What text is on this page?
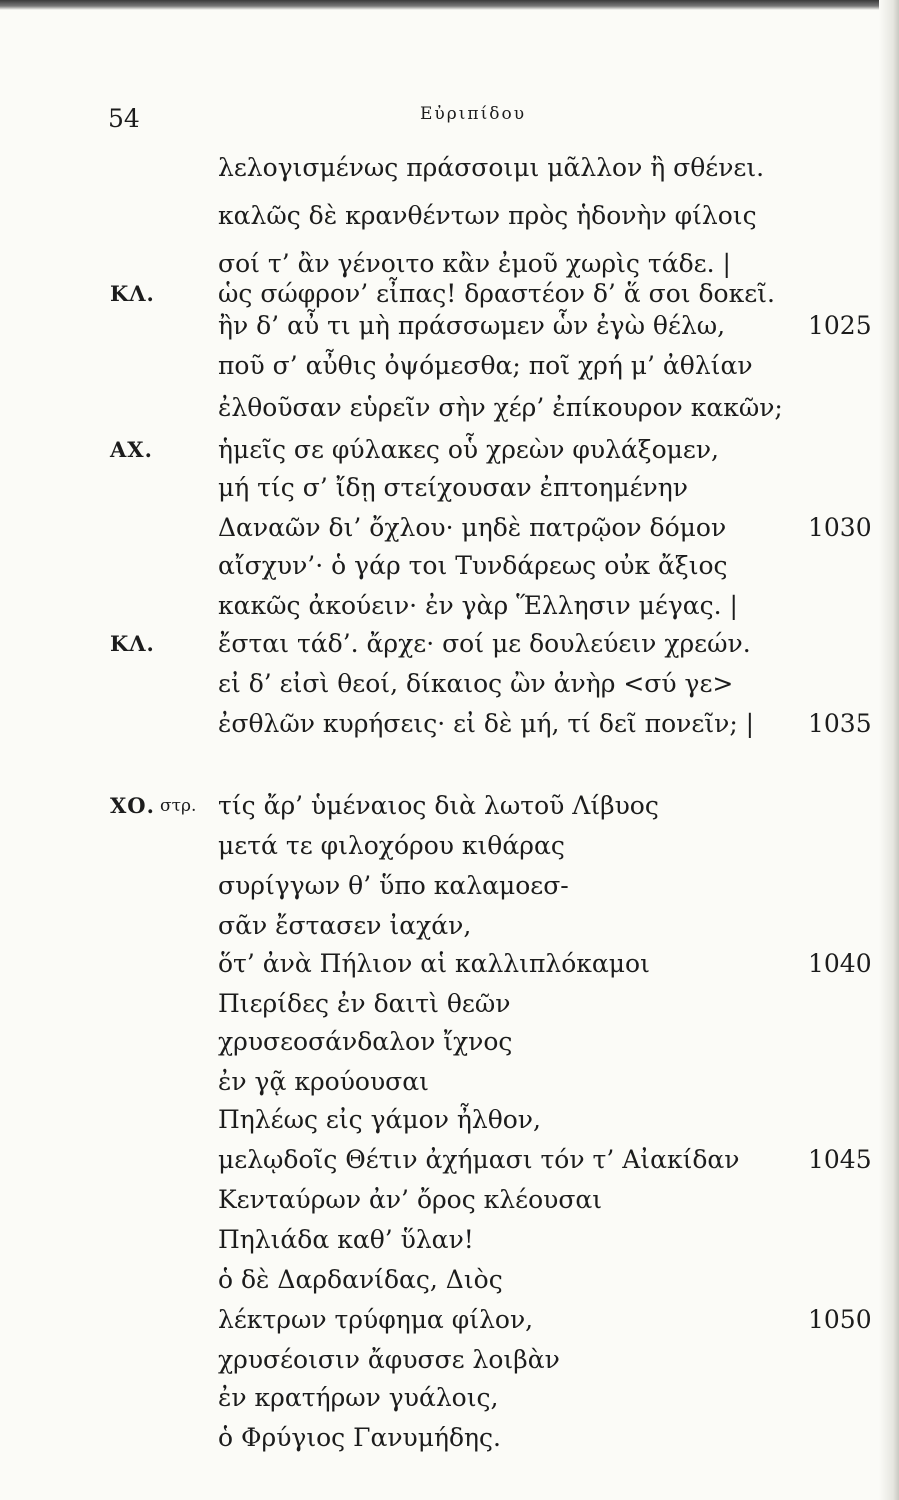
54	Εὐριπίδου
λελογισμένως πράσσοιμι μᾶλλον ἢ σθένει.
καλῶς δὲ κρανθέντων πρὸς ἡδονὴν φίλοις
σοί τ’ ἂν γένοιτο κἂν ἐμοῦ χωρὶς τάδε. |
ΚΛ.	ὡς σώφρον’ εἶπας! δραστέον δ’ ἅ σοι δοκεῖ.
ἢν δ’ αὖ τι μὴ πράσσωμεν ὧν ἐγὼ θέλω,	1025
ποῦ σ’ αὖθις ὀψόμεσθα; ποῖ χρή μ’ ἀθλίαν
ἐλθοῦσαν εὑρεῖν σὴν χέρ’ ἐπίκουρον κακῶν;
ΑΧ.	ἡμεῖς σε φύλακες οὗ χρεὼν φυλάξομεν,
μή τίς σ’ ἴδῃ στείχουσαν ἐπτοημένην
Δαναῶν δι’ ὄχλου· μηδὲ πατρῷον δόμον	1030
αἴσχυν’· ὁ γάρ τοι Τυνδάρεως οὐκ ἄξιος
κακῶς ἀκούειν· ἐν γὰρ Ἕλλησιν μέγας. |
ΚΛ.	ἔσται τάδ’. ἄρχε· σοί με δουλεύειν χρεών.
εἰ δ’ εἰσὶ θεοί, δίκαιος ὢν ἀνὴρ <σύ γε>
ἐσθλῶν κυρήσεις· εἰ δὲ μή, τί δεῖ πονεῖν; | 1035
ΧΟ. στρ. τίς ἄρ’ ὑμέναιος διὰ λωτοῦ Λίβυος
μετά τε φιλοχόρου κιθάρας
συρίγγων θ’ ὕπο καλαμοεσ-
σᾶν ἔστασεν ἰαχάν,
ὅτ’ ἀνὰ Πήλιον αἱ καλλιπλόκαμοι	1040
Πιερίδες ἐν δαιτὶ θεῶν
χρυσεοσάνδαλον ἴχνος
ἐν γᾷ κρούουσαι
Πηλέως εἰς γάμον ἦλθον,
μελῳδοῖς Θέτιν ἀχήμασι τόν τ’ Αἰακίδαν	1045
Κενταύρων ἀν’ ὄρος κλέουσαι
Πηλιάδα καθ’ ὕλαν!
ὁ δὲ Δαρδανίδας, Διὸς
λέκτρων τρύφημα φίλον,	1050
χρυσέοισιν ἄφυσσε λοιβὰν
ἐν κρατήρων γυάλοις,
ὁ Φρύγιος Γανυμήδης.
